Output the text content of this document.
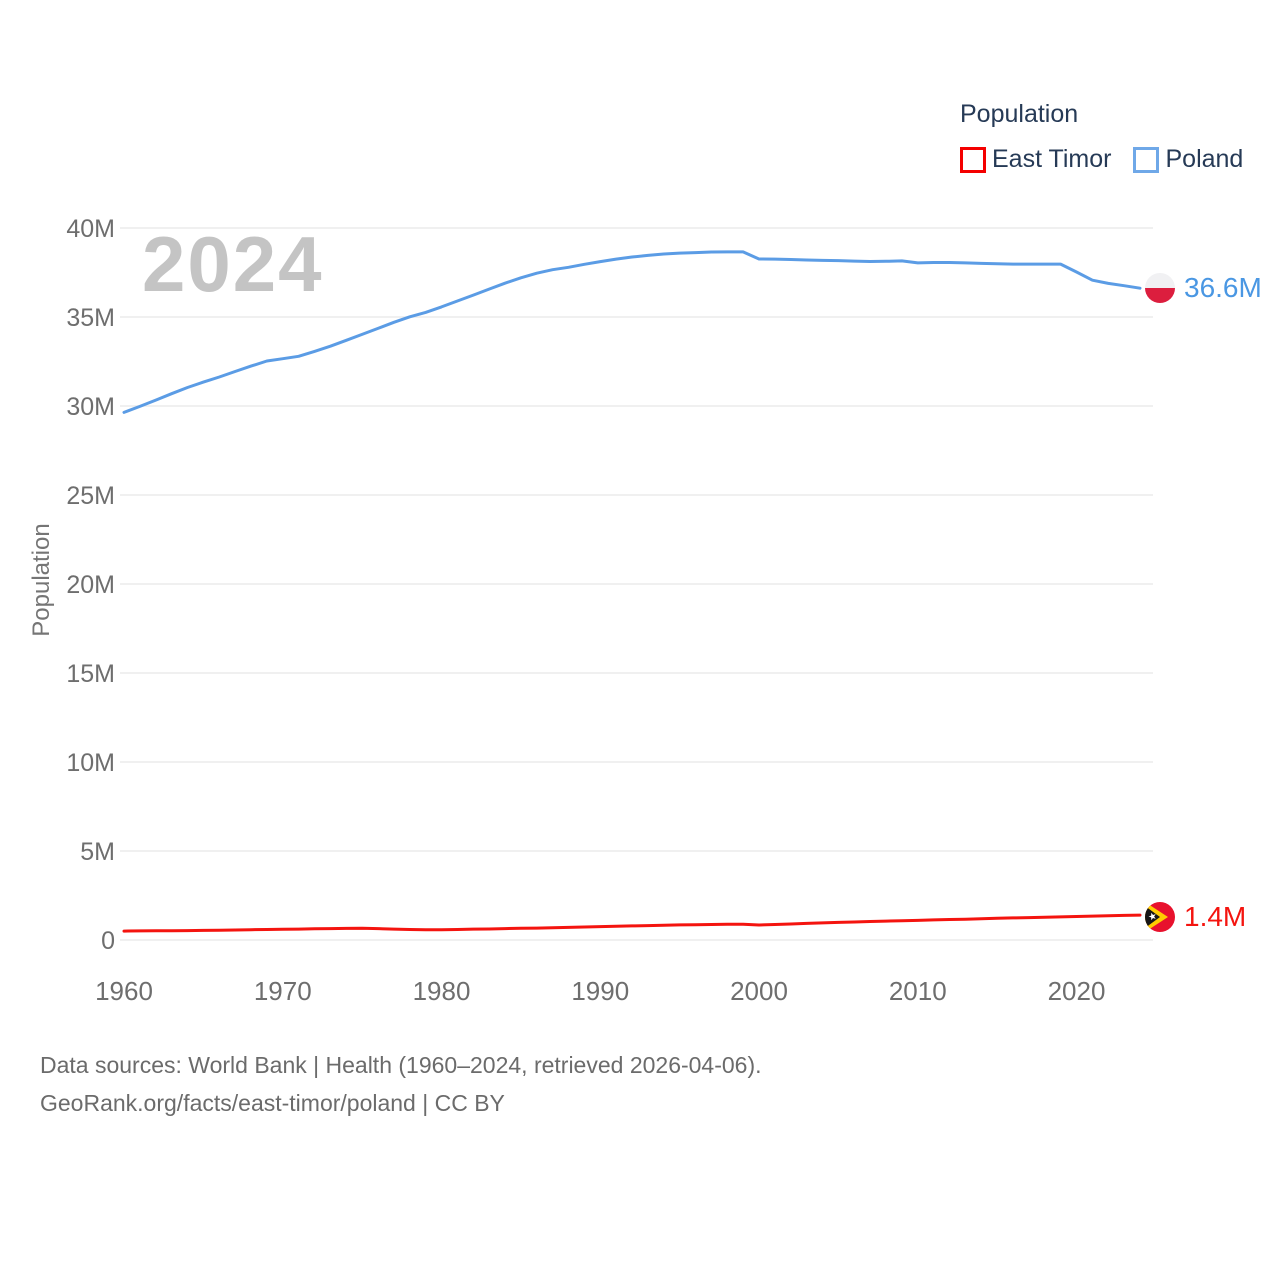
Population
East Timor Poland
2024
Population
0
5M
10M
15M
20M
25M
30M
35M
40M
1960	1970	1980	1990	2000	2010	2020
36.6M
1.4M
Data sources: World Bank | Health (1960–2024, retrieved 2026-04-06).
GeoRank.org/facts/east-timor/poland | CC BY
